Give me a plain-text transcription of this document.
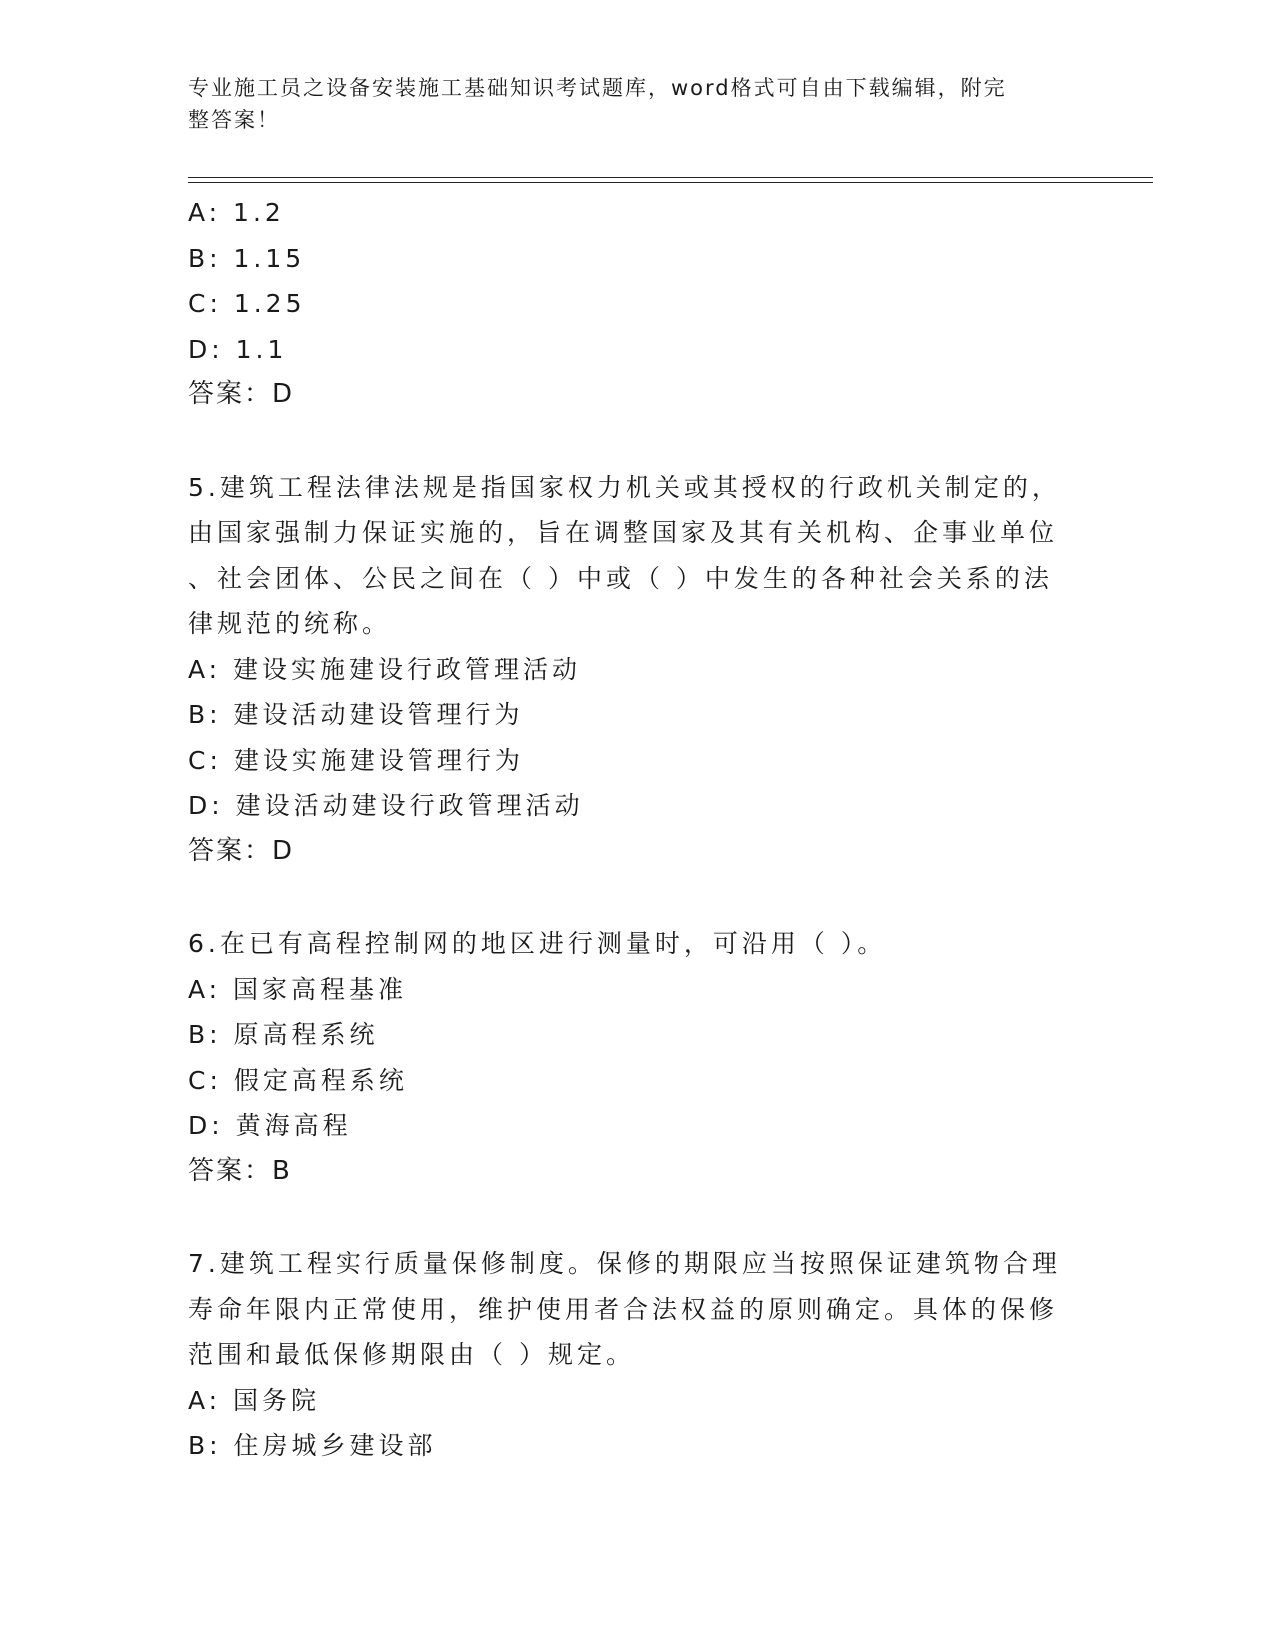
专业施工员之设备安装施工基础知识考试题库，word格式可自由下载编辑，附完
整答案！
A: 1.2
B: 1.15
C: 1.25
D: 1.1
答案：D
5.建筑工程法律法规是指国家权力机关或其授权的行政机关制定的，
由国家强制力保证实施的，旨在调整国家及其有关机构、企事业单位
、社会团体、公民之间在（ ）中或（ ）中发生的各种社会关系的法
律规范的统称。
A: 建设实施建设行政管理活动
B: 建设活动建设管理行为
C: 建设实施建设管理行为
D: 建设活动建设行政管理活动
答案：D
6.在已有高程控制网的地区进行测量时，可沿用（ ）。
A: 国家高程基准
B: 原高程系统
C: 假定高程系统
D: 黄海高程
答案：B
7.建筑工程实行质量保修制度。保修的期限应当按照保证建筑物合理
寿命年限内正常使用，维护使用者合法权益的原则确定。具体的保修
范围和最低保修期限由（ ）规定。
A: 国务院
B: 住房城乡建设部
